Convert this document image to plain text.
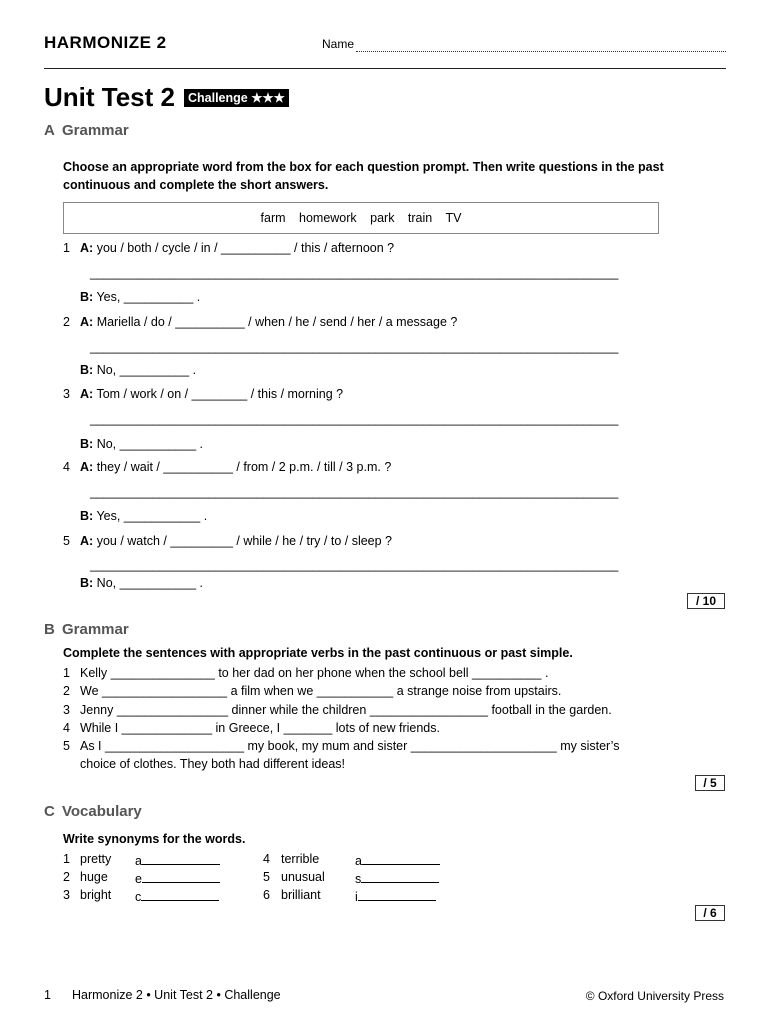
HARMONIZE 2	Name
Unit Test 2	Challenge ★★★
A Grammar
Choose an appropriate word from the box for each question prompt. Then write questions in the past
continuous and complete the short answers.
farm homework park train TV
1 A: you / both / cycle / in / __________ / this / afternoon ?
____________________________________________________________________________
B: Yes, __________ .
2 A: Mariella / do / __________ / when / he / send / her / a message ?
____________________________________________________________________________
B: No, __________ .
3 A: Tom / work / on / ________ / this / morning ?
____________________________________________________________________________
B: No, ___________ .
4 A: they / wait / __________ / from / 2 p.m. / till / 3 p.m. ?
____________________________________________________________________________
B: Yes, ___________ .
5 A: you / watch / _________ / while / he / try / to / sleep ?
____________________________________________________________________________
B: No, ___________ .
/ 10
B Grammar
Complete the sentences with appropriate verbs in the past continuous or past simple.
1 Kelly _______________ to her dad on her phone when the school bell __________ .
2 We __________________ a film when we ___________ a strange noise from upstairs.
3 Jenny ________________ dinner while the children _________________ football in the garden.
4 While I _____________ in Greece, I _______ lots of new friends.
5 As I ____________________ my book, my mum and sister _____________________ my sister’s
choice of clothes. They both had different ideas!
/ 5
C Vocabulary
Write synonyms for the words.
1 pretty a
2 huge e
3 bright c
4 terrible	a
5 unusual s
6 brilliant	i
/ 6
1 Harmonize 2 • Unit Test 2 • Challenge	© Oxford University Press
